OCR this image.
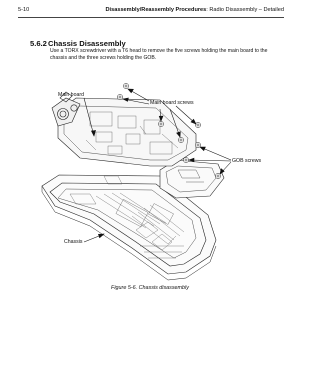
5-10	Disassembly/Reassembly Procedures: Radio Disassembly – Detailed
5.6.2 Chassis Disassembly
Use a TORX screwdriver with a T6 head to remove the five screws holding the main board to the chassis and the three screws holding the GOB.
Main board
Main board screws
GOB screws
Chassis
Figure 5-6. Chassis disassembly
